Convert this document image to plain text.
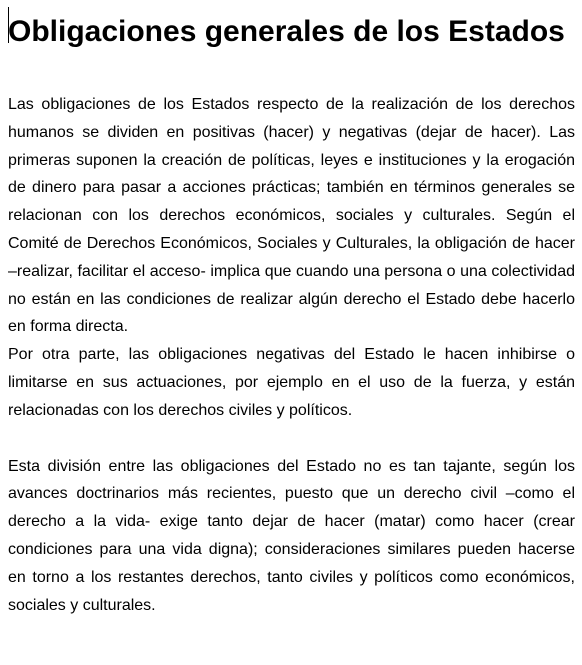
Obligaciones generales de los Estados

Las obligaciones de los Estados respecto de la realización de los derechos humanos se dividen en positivas (hacer) y negativas (dejar de hacer). Las primeras suponen la creación de políticas, leyes e instituciones y la erogación de dinero para pasar a acciones prácticas; también en términos generales se relacionan con los derechos económicos, sociales y culturales. Según el Comité de Derechos Económicos, Sociales y Culturales, la obligación de hacer –realizar, facilitar el acceso- implica que cuando una persona o una colectividad no están en las condiciones de realizar algún derecho el Estado debe hacerlo en forma directa.

Por otra parte, las obligaciones negativas del Estado le hacen inhibirse o limitarse en sus actuaciones, por ejemplo en el uso de la fuerza, y están relacionadas con los derechos civiles y políticos.

Esta división entre las obligaciones del Estado no es tan tajante, según los avances doctrinarios más recientes, puesto que un derecho civil –como el derecho a la vida- exige tanto dejar de hacer (matar) como hacer (crear condiciones para una vida digna); consideraciones similares pueden hacerse en torno a los restantes derechos, tanto civiles y políticos como económicos, sociales y culturales.
